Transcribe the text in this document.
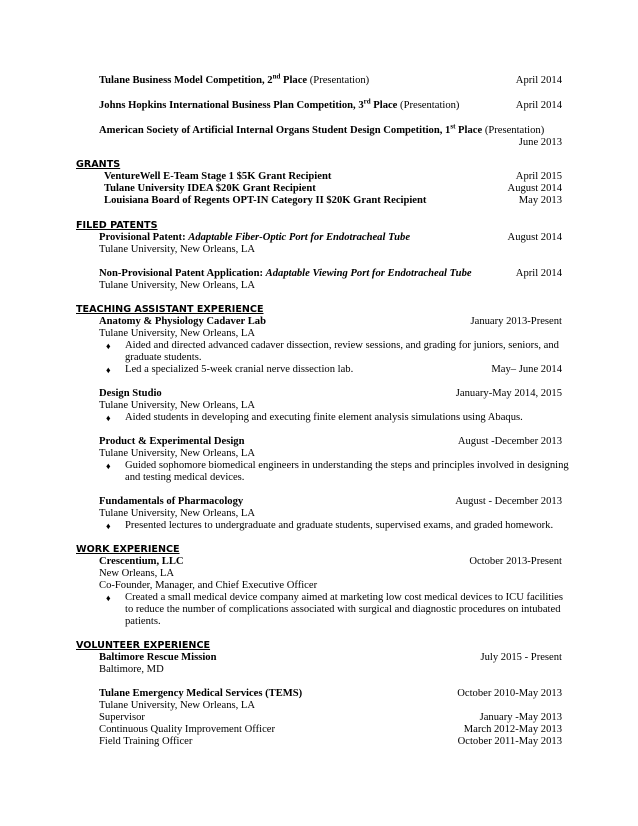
Tulane Business Model Competition, 2nd Place (Presentation)	April 2014
Johns Hopkins International Business Plan Competition, 3rd Place (Presentation)	April 2014
American Society of Artificial Internal Organs Student Design Competition, 1st Place (Presentation)
June 2013
GRANTS
VentureWell E-Team Stage 1 $5K Grant Recipient	April 2015
Tulane University IDEA $20K Grant Recipient	August 2014
Louisiana Board of Regents OPT-IN Category II $20K Grant Recipient	May 2013
FILED PATENTS
Provisional Patent: Adaptable Fiber-Optic Port for Endotracheal Tube	August 2014
Tulane University, New Orleans, LA
Non-Provisional Patent Application: Adaptable Viewing Port for Endotracheal Tube	April 2014
Tulane University, New Orleans, LA
TEACHING ASSISTANT EXPERIENCE
Anatomy & Physiology Cadaver Lab	January 2013-Present
Tulane University, New Orleans, LA
♦ Aided and directed advanced cadaver dissection, review sessions, and grading for juniors, seniors, and
graduate students.
♦ Led a specialized 5-week cranial nerve dissection lab.	May– June 2014
Design Studio	January-May 2014, 2015
Tulane University, New Orleans, LA
♦ Aided students in developing and executing finite element analysis simulations using Abaqus.
Product & Experimental Design	August -December 2013
Tulane University, New Orleans, LA
♦ Guided sophomore biomedical engineers in understanding the steps and principles involved in designing
and testing medical devices.
Fundamentals of Pharmacology	August - December 2013
Tulane University, New Orleans, LA
♦ Presented lectures to undergraduate and graduate students, supervised exams, and graded homework.
WORK EXPERIENCE
Crescentium, LLC	October 2013-Present
New Orleans, LA
Co-Founder, Manager, and Chief Executive Officer
♦ Created a small medical device company aimed at marketing low cost medical devices to ICU facilities
to reduce the number of complications associated with surgical and diagnostic procedures on intubated
patients.
VOLUNTEER EXPERIENCE
Baltimore Rescue Mission	July 2015 - Present
Baltimore, MD
Tulane Emergency Medical Services (TEMS)	October 2010-May 2013
Tulane University, New Orleans, LA
Supervisor	January -May 2013
Continuous Quality Improvement Officer	March 2012-May 2013
Field Training Officer	October 2011-May 2013
